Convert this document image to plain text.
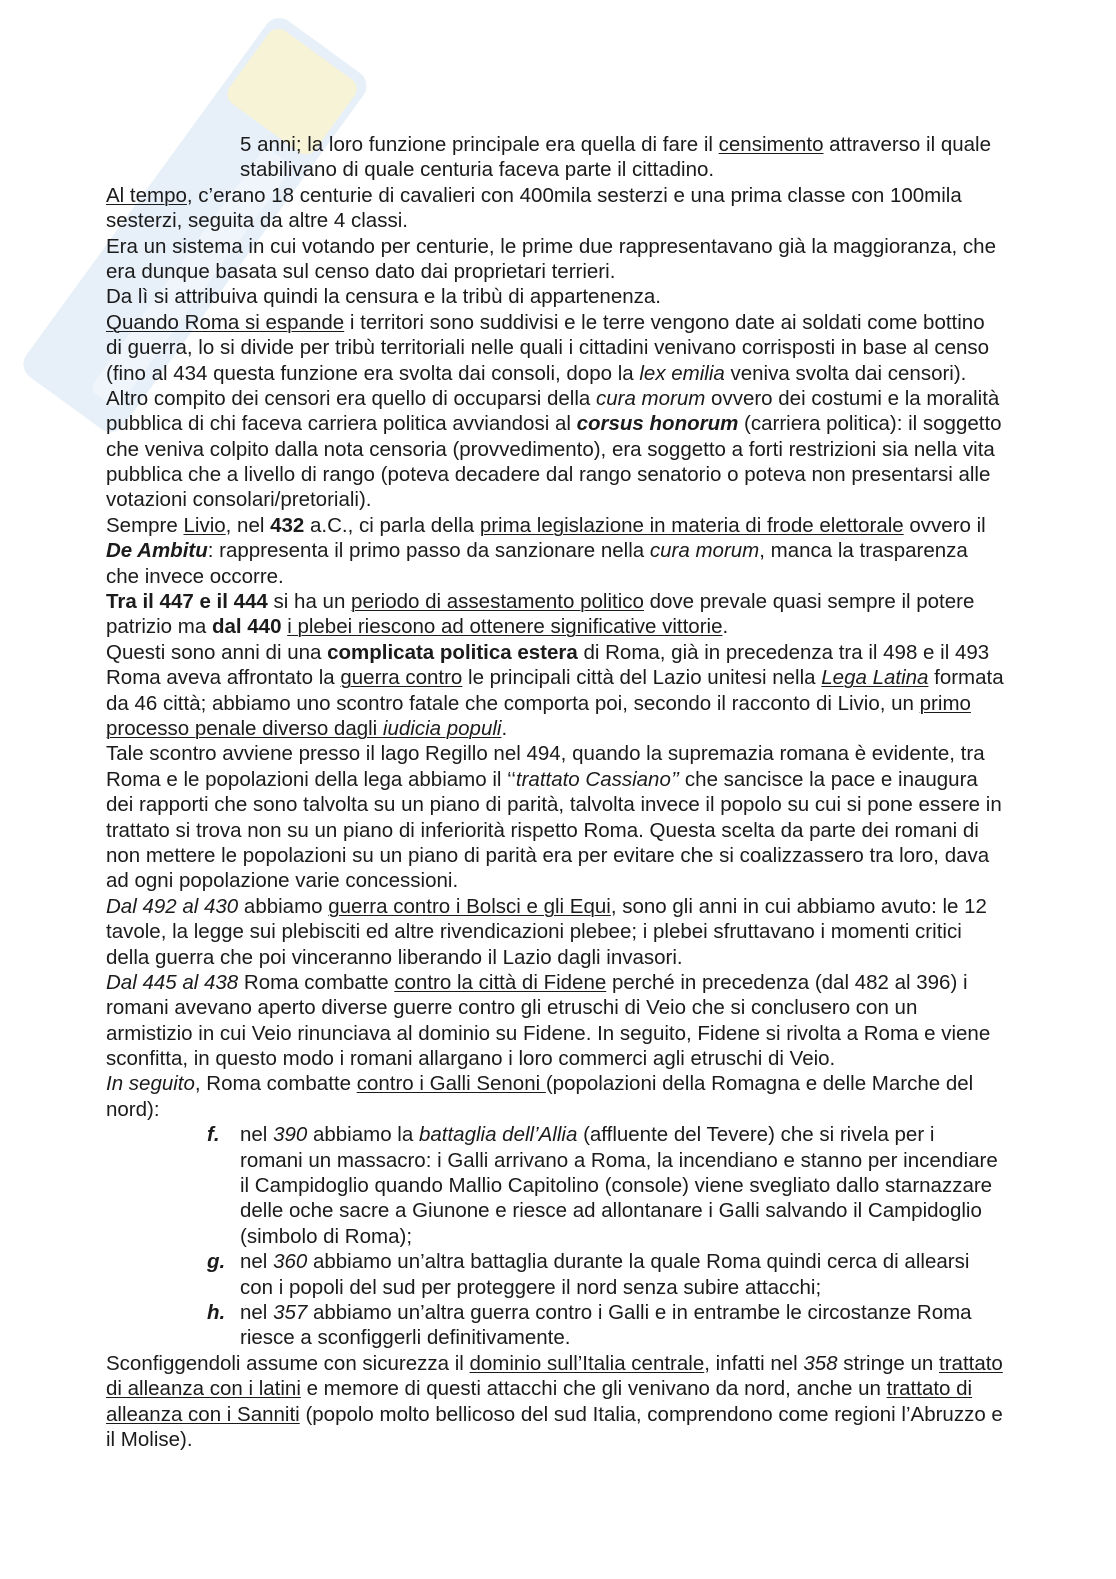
5 anni; la loro funzione principale era quella di fare il censimento attraverso il quale
stabilivano di quale centuria faceva parte il cittadino.
Al tempo, c’erano 18 centurie di cavalieri con 400mila sesterzi e una prima classe con 100mila
sesterzi, seguita da altre 4 classi.
Era un sistema in cui votando per centurie, le prime due rappresentavano già la maggioranza, che
era dunque basata sul censo dato dai proprietari terrieri.
Da lì si attribuiva quindi la censura e la tribù di appartenenza.
Quando Roma si espande i territori sono suddivisi e le terre vengono date ai soldati come bottino
di guerra, lo si divide per tribù territoriali nelle quali i cittadini venivano corrisposti in base al censo
(fino al 434 questa funzione era svolta dai consoli, dopo la lex emilia veniva svolta dai censori).
Altro compito dei censori era quello di occuparsi della cura morum ovvero dei costumi e la moralità
pubblica di chi faceva carriera politica avviandosi al corsus honorum (carriera politica): il soggetto
che veniva colpito dalla nota censoria (provvedimento), era soggetto a forti restrizioni sia nella vita
pubblica che a livello di rango (poteva decadere dal rango senatorio o poteva non presentarsi alle
votazioni consolari/pretoriali).
Sempre Livio, nel 432 a.C., ci parla della prima legislazione in materia di frode elettorale ovvero il
De Ambitu: rappresenta il primo passo da sanzionare nella cura morum, manca la trasparenza
che invece occorre.
Tra il 447 e il 444 si ha un periodo di assestamento politico dove prevale quasi sempre il potere
patrizio ma dal 440 i plebei riescono ad ottenere significative vittorie.
Questi sono anni di una complicata politica estera di Roma, già in precedenza tra il 498 e il 493
Roma aveva affrontato la guerra contro le principali città del Lazio unitesi nella Lega Latina formata
da 46 città; abbiamo uno scontro fatale che comporta poi, secondo il racconto di Livio, un primo
processo penale diverso dagli iudicia populi.
Tale scontro avviene presso il lago Regillo nel 494, quando la supremazia romana è evidente, tra
Roma e le popolazioni della lega abbiamo il ‘‘trattato Cassiano’’ che sancisce la pace e inaugura
dei rapporti che sono talvolta su un piano di parità, talvolta invece il popolo su cui si pone essere in
trattato si trova non su un piano di inferiorità rispetto Roma. Questa scelta da parte dei romani di
non mettere le popolazioni su un piano di parità era per evitare che si coalizzassero tra loro, dava
ad ogni popolazione varie concessioni.
Dal 492 al 430 abbiamo guerra contro i Bolsci e gli Equi, sono gli anni in cui abbiamo avuto: le 12
tavole, la legge sui plebisciti ed altre rivendicazioni plebee; i plebei sfruttavano i momenti critici
della guerra che poi vinceranno liberando il Lazio dagli invasori.
Dal 445 al 438 Roma combatte contro la città di Fidene perché in precedenza (dal 482 al 396) i
romani avevano aperto diverse guerre contro gli etruschi di Veio che si conclusero con un
armistizio in cui Veio rinunciava al dominio su Fidene. In seguito, Fidene si rivolta a Roma e viene
sconfitta, in questo modo i romani allargano i loro commerci agli etruschi di Veio.
In seguito, Roma combatte contro i Galli Senoni (popolazioni della Romagna e delle Marche del
nord):
f. nel 390 abbiamo la battaglia dell’Allia (affluente del Tevere) che si rivela per i
romani un massacro: i Galli arrivano a Roma, la incendiano e stanno per incendiare
il Campidoglio quando Mallio Capitolino (console) viene svegliato dallo starnazzare
delle oche sacre a Giunone e riesce ad allontanare i Galli salvando il Campidoglio
(simbolo di Roma);
g. nel 360 abbiamo un’altra battaglia durante la quale Roma quindi cerca di allearsi
con i popoli del sud per proteggere il nord senza subire attacchi;
h. nel 357 abbiamo un’altra guerra contro i Galli e in entrambe le circostanze Roma
riesce a sconfiggerli definitivamente.
Sconfiggendoli assume con sicurezza il dominio sull’Italia centrale, infatti nel 358 stringe un trattato
di alleanza con i latini e memore di questi attacchi che gli venivano da nord, anche un trattato di
alleanza con i Sanniti (popolo molto bellicoso del sud Italia, comprendono come regioni l’Abruzzo e
il Molise).
